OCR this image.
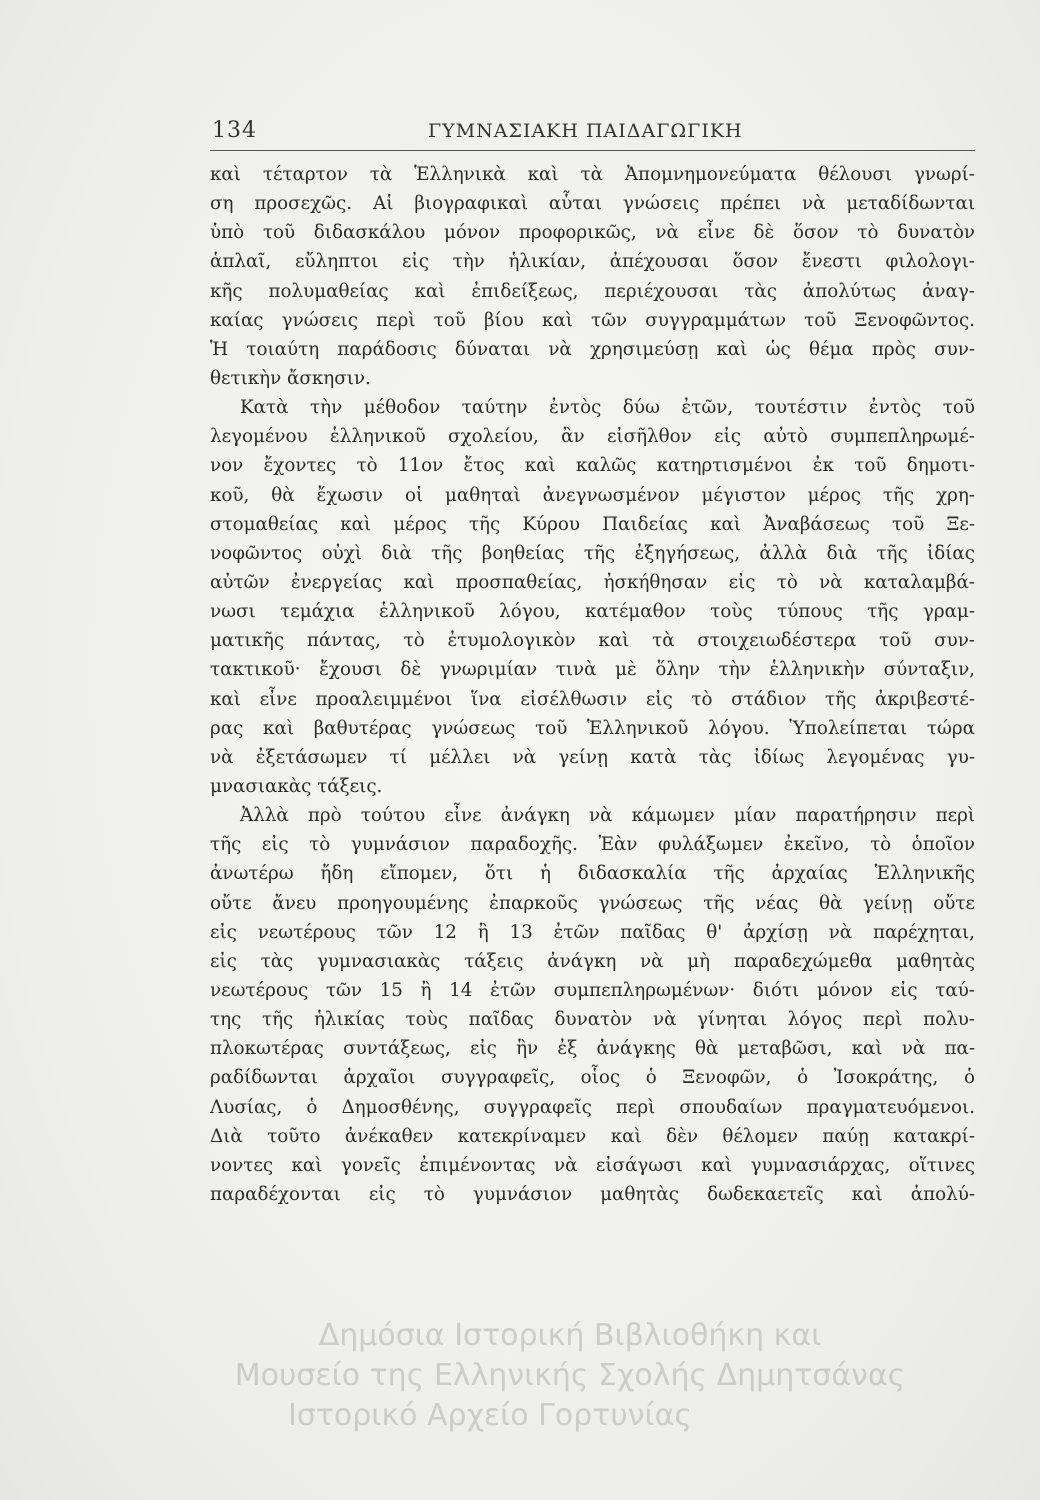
134	ΓΥΜΝΑΣΙΑΚΗ ΠΑΙΔΑΓΩΓΙΚΗ
καὶ τέταρτον τὰ Ἑλληνικὰ καὶ τὰ Ἀπομνημονεύματα θέλουσι γνωρί-
ση προσεχῶς. Αἱ βιογραφικαὶ αὗται γνώσεις πρέπει νὰ μεταδίδωνται
ὑπὸ τοῦ διδασκάλου μόνον προφορικῶς, νὰ εἶνε δὲ ὅσον τὸ δυνατὸν
ἁπλαῖ, εὔληπτοι εἰς τὴν ἡλικίαν, ἀπέχουσαι ὅσον ἔνεστι φιλολογι-
κῆς πολυμαθείας καὶ ἐπιδείξεως, περιέχουσαι τὰς ἀπολύτως ἀναγ-
καίας γνώσεις περὶ τοῦ βίου καὶ τῶν συγγραμμάτων τοῦ Ξενοφῶντος.
Ἡ τοιαύτη παράδοσις δύναται νὰ χρησιμεύσῃ καὶ ὡς θέμα πρὸς συν-
θετικὴν ἄσκησιν.
Κατὰ τὴν μέθοδον ταύτην ἐντὸς δύω ἐτῶν, τουτέστιν ἐντὸς τοῦ
λεγομένου ἑλληνικοῦ σχολείου, ἂν εἰσῆλθον εἰς αὐτὸ συμπεπληρωμέ-
νον ἔχοντες τὸ 11ον ἔτος καὶ καλῶς κατηρτισμένοι ἐκ τοῦ δημοτι-
κοῦ, θὰ ἔχωσιν οἱ μαθηταὶ ἀνεγνωσμένον μέγιστον μέρος τῆς χρη-
στομαθείας καὶ μέρος τῆς Κύρου Παιδείας καὶ Ἀναβάσεως τοῦ Ξε-
νοφῶντος οὐχὶ διὰ τῆς βοηθείας τῆς ἐξηγήσεως, ἀλλὰ διὰ τῆς ἰδίας
αὐτῶν ἐνεργείας καὶ προσπαθείας, ἠσκήθησαν εἰς τὸ νὰ καταλαμβά-
νωσι τεμάχια ἑλληνικοῦ λόγου, κατέμαθον τοὺς τύπους τῆς γραμ-
ματικῆς πάντας, τὸ ἐτυμολογικὸν καὶ τὰ στοιχειωδέστερα τοῦ συν-
τακτικοῦ· ἔχουσι δὲ γνωριμίαν τινὰ μὲ ὅλην τὴν ἑλληνικὴν σύνταξιν,
καὶ εἶνε προαλειμμένοι ἵνα εἰσέλθωσιν εἰς τὸ στάδιον τῆς ἀκριβεστέ-
ρας καὶ βαθυτέρας γνώσεως τοῦ Ἑλληνικοῦ λόγου. Ὑπολείπεται τώρα
νὰ ἐξετάσωμεν τί μέλλει νὰ γείνῃ κατὰ τὰς ἰδίως λεγομένας γυ-
μνασιακὰς τάξεις.
Ἀλλὰ πρὸ τούτου εἶνε ἀνάγκη νὰ κάμωμεν μίαν παρατήρησιν περὶ
τῆς εἰς τὸ γυμνάσιον παραδοχῆς. Ἐὰν φυλάξωμεν ἐκεῖνο, τὸ ὁποῖον
ἀνωτέρω ἤδη εἴπομεν, ὅτι ἡ διδασκαλία τῆς ἀρχαίας Ἑλληνικῆς
οὔτε ἄνευ προηγουμένης ἐπαρκοῦς γνώσεως τῆς νέας θὰ γείνῃ οὔτε
εἰς νεωτέρους τῶν 12 ἢ 13 ἐτῶν παῖδας θ' ἀρχίσῃ νὰ παρέχηται,
εἰς τὰς γυμνασιακὰς τάξεις ἀνάγκη νὰ μὴ παραδεχώμεθα μαθητὰς
νεωτέρους τῶν 15 ἢ 14 ἐτῶν συμπεπληρωμένων· διότι μόνον εἰς ταύ-
της τῆς ἡλικίας τοὺς παῖδας δυνατὸν νὰ γίνηται λόγος περὶ πολυ-
πλοκωτέρας συντάξεως, εἰς ἣν ἐξ ἀνάγκης θὰ μεταβῶσι, καὶ νὰ πα-
ραδίδωνται ἀρχαῖοι συγγραφεῖς, οἷος ὁ Ξενοφῶν, ὁ Ἰσοκράτης, ὁ
Λυσίας, ὁ Δημοσθένης, συγγραφεῖς περὶ σπουδαίων πραγματευόμενοι.
Διὰ τοῦτο ἀνέκαθεν κατεκρίναμεν καὶ δὲν θέλομεν παύῃ κατακρί-
νοντες καὶ γονεῖς ἐπιμένοντας νὰ εἰσάγωσι καὶ γυμνασιάρχας, οἵτινες
παραδέχονται εἰς τὸ γυμνάσιον μαθητὰς δωδεκαετεῖς καὶ ἀπολύ-
Δημόσια Ιστορική Βιβλιοθήκη και
Μουσείο της Ελληνικής Σχολής Δημητσάνας
Ιστορικό Αρχείο Γορτυνίας
